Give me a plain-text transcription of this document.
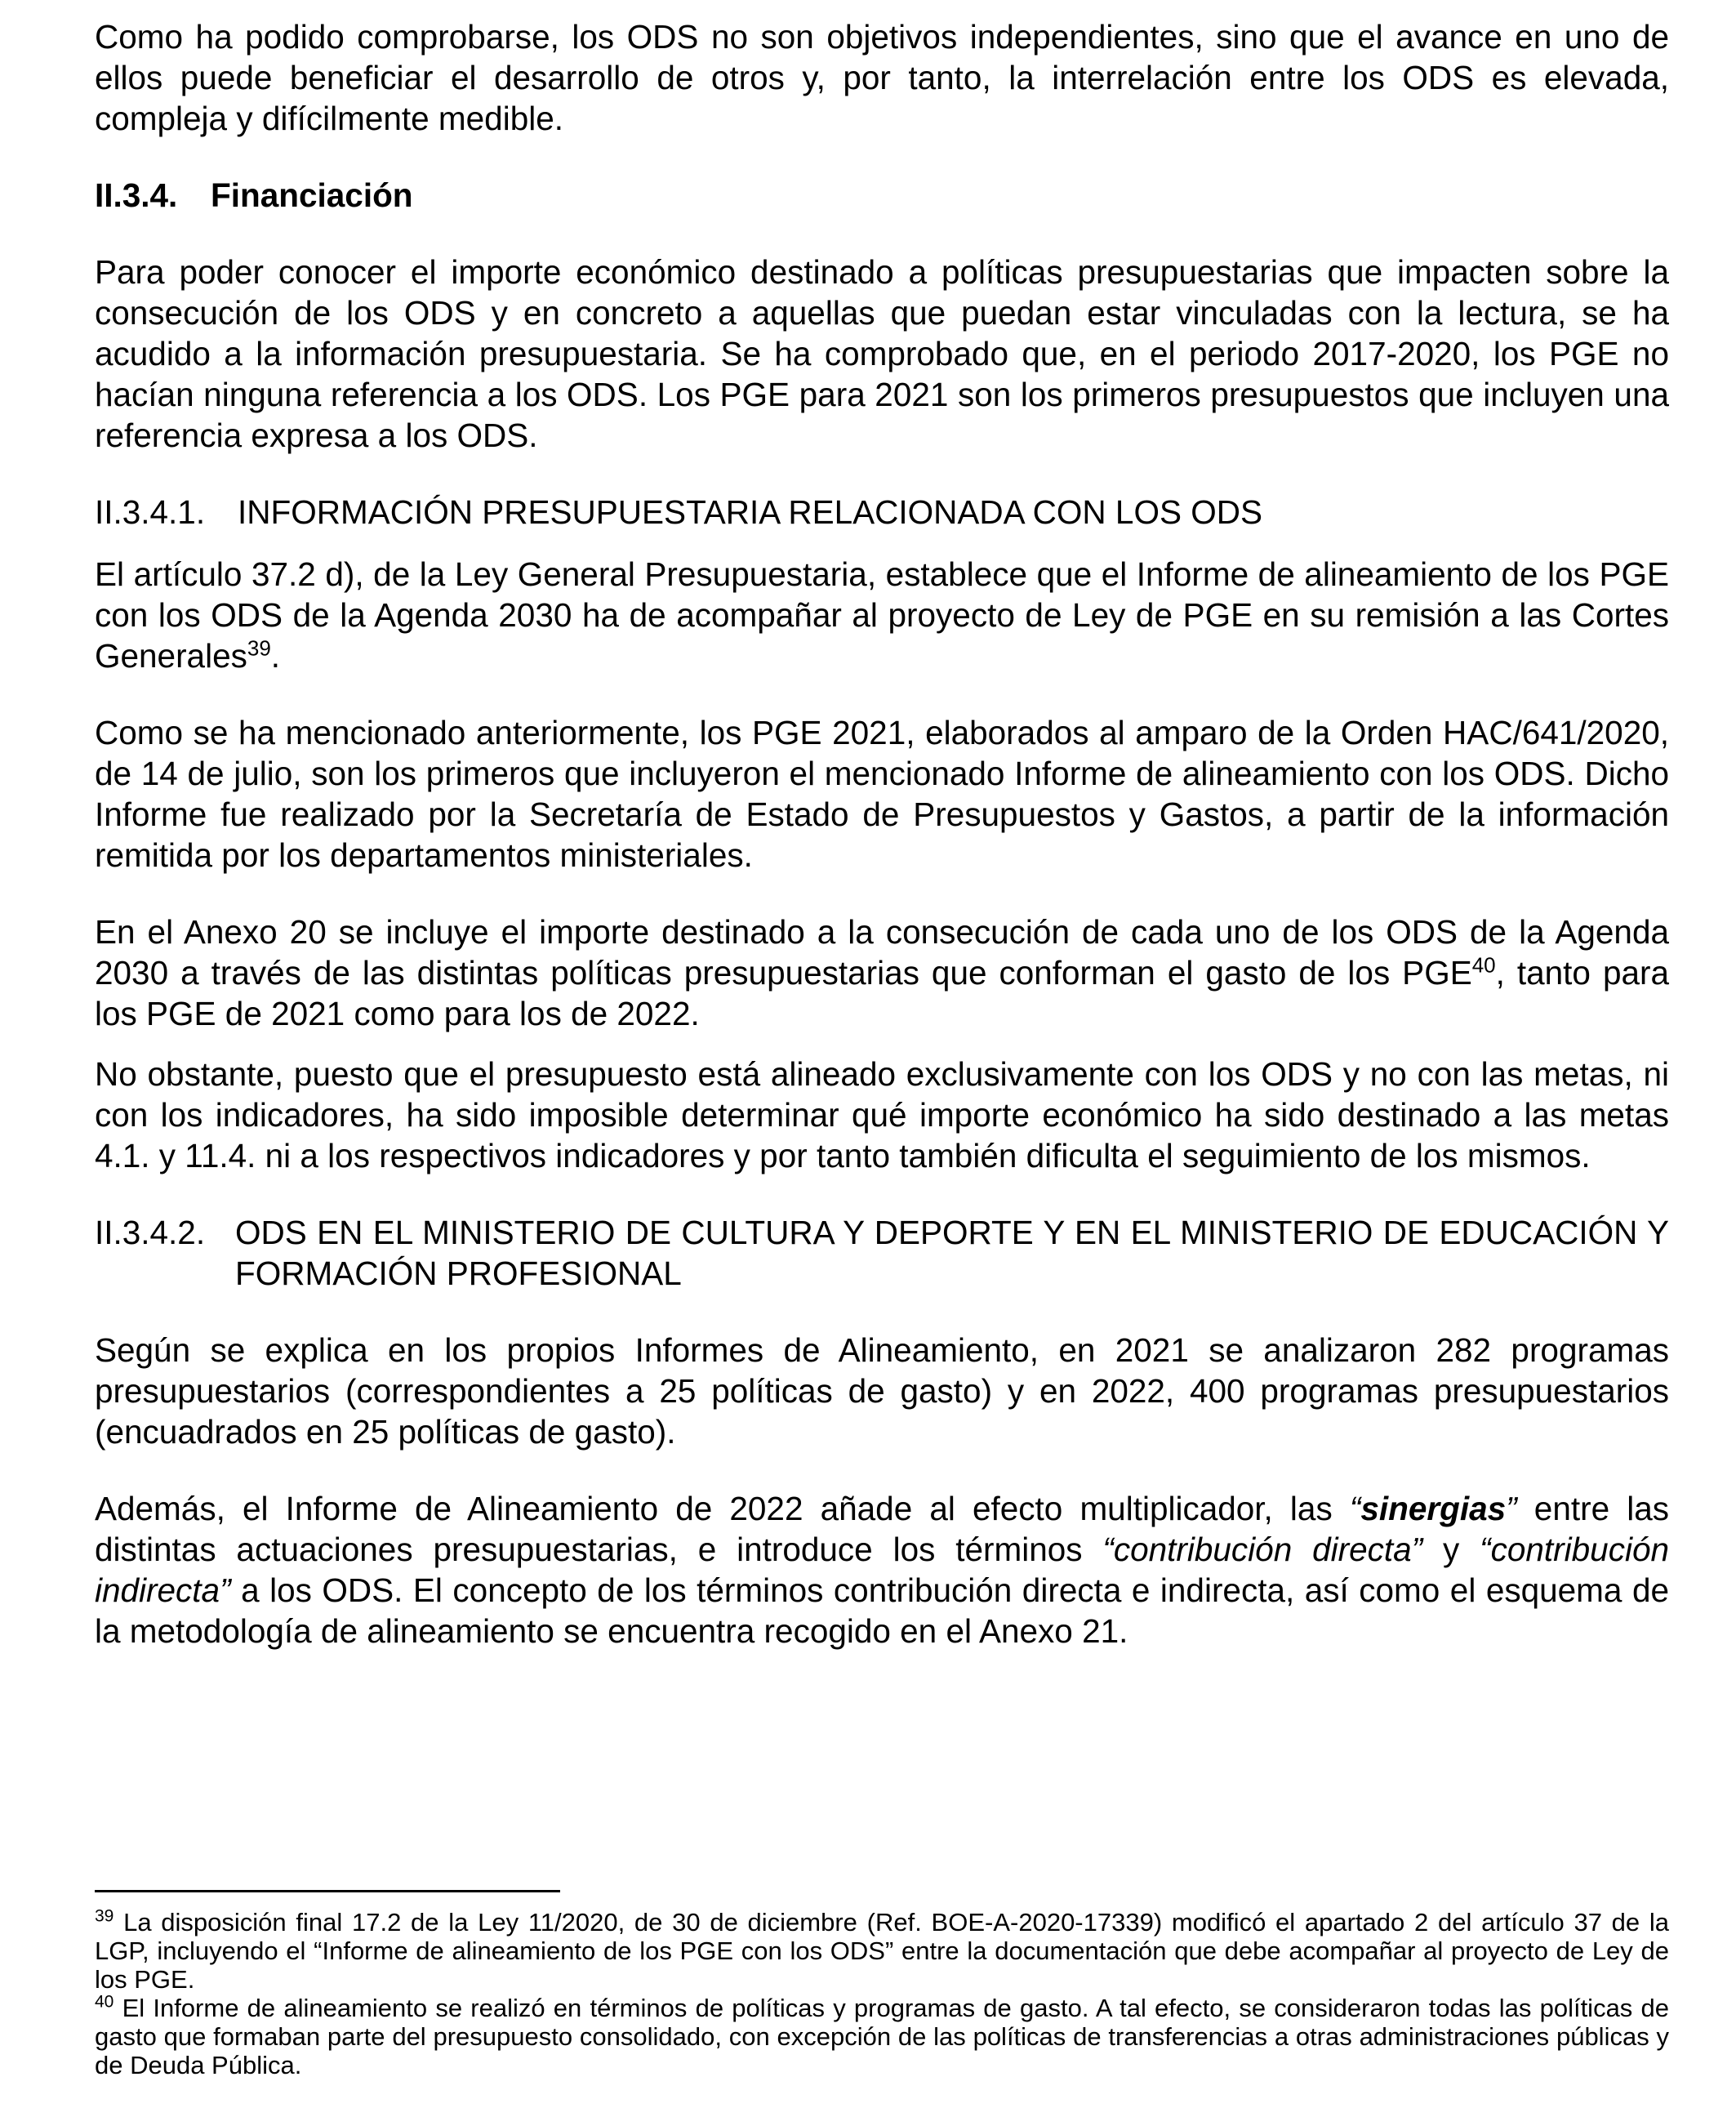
Como ha podido comprobarse, los ODS no son objetivos independientes, sino que el avance en uno de ellos puede beneficiar el desarrollo de otros y, por tanto, la interrelación entre los ODS es elevada, compleja y difícilmente medible.

II.3.4. Financiación

Para poder conocer el importe económico destinado a políticas presupuestarias que impacten sobre la consecución de los ODS y en concreto a aquellas que puedan estar vinculadas con la lectura, se ha acudido a la información presupuestaria. Se ha comprobado que, en el periodo 2017-2020, los PGE no hacían ninguna referencia a los ODS. Los PGE para 2021 son los primeros presupuestos que incluyen una referencia expresa a los ODS.

II.3.4.1. INFORMACIÓN PRESUPUESTARIA RELACIONADA CON LOS ODS

El artículo 37.2 d), de la Ley General Presupuestaria, establece que el Informe de alineamiento de los PGE con los ODS de la Agenda 2030 ha de acompañar al proyecto de Ley de PGE en su remisión a las Cortes Generales$^{39}$.

Como se ha mencionado anteriormente, los PGE 2021, elaborados al amparo de la Orden HAC/641/2020, de 14 de julio, son los primeros que incluyeron el mencionado Informe de alineamiento con los ODS. Dicho Informe fue realizado por la Secretaría de Estado de Presupuestos y Gastos, a partir de la información remitida por los departamentos ministeriales.

En el Anexo 20 se incluye el importe destinado a la consecución de cada uno de los ODS de la Agenda 2030 a través de las distintas políticas presupuestarias que conforman el gasto de los PGE$^{40}$, tanto para los PGE de 2021 como para los de 2022.

No obstante, puesto que el presupuesto está alineado exclusivamente con los ODS y no con las metas, ni con los indicadores, ha sido imposible determinar qué importe económico ha sido destinado a las metas 4.1. y 11.4. ni a los respectivos indicadores y por tanto también dificulta el seguimiento de los mismos.

II.3.4.2. ODS EN EL MINISTERIO DE CULTURA Y DEPORTE Y EN EL MINISTERIO DE EDUCACIÓN Y FORMACIÓN PROFESIONAL

Según se explica en los propios Informes de Alineamiento, en 2021 se analizaron 282 programas presupuestarios (correspondientes a 25 políticas de gasto) y en 2022, 400 programas presupuestarios (encuadrados en 25 políticas de gasto).

Además, el Informe de Alineamiento de 2022 añade al efecto multiplicador, las “sinergias” entre las distintas actuaciones presupuestarias, e introduce los términos “contribución directa” y “contribución indirecta” a los ODS. El concepto de los términos contribución directa e indirecta, así como el esquema de la metodología de alineamiento se encuentra recogido en el Anexo 21.

$^{39}$ La disposición final 17.2 de la Ley 11/2020, de 30 de diciembre (Ref. BOE-A-2020-17339) modificó el apartado 2 del artículo 37 de la LGP, incluyendo el “Informe de alineamiento de los PGE con los ODS” entre la documentación que debe acompañar al proyecto de Ley de los PGE.

$^{40}$ El Informe de alineamiento se realizó en términos de políticas y programas de gasto. A tal efecto, se consideraron todas las políticas de gasto que formaban parte del presupuesto consolidado, con excepción de las políticas de transferencias a otras administraciones públicas y de Deuda Pública.
